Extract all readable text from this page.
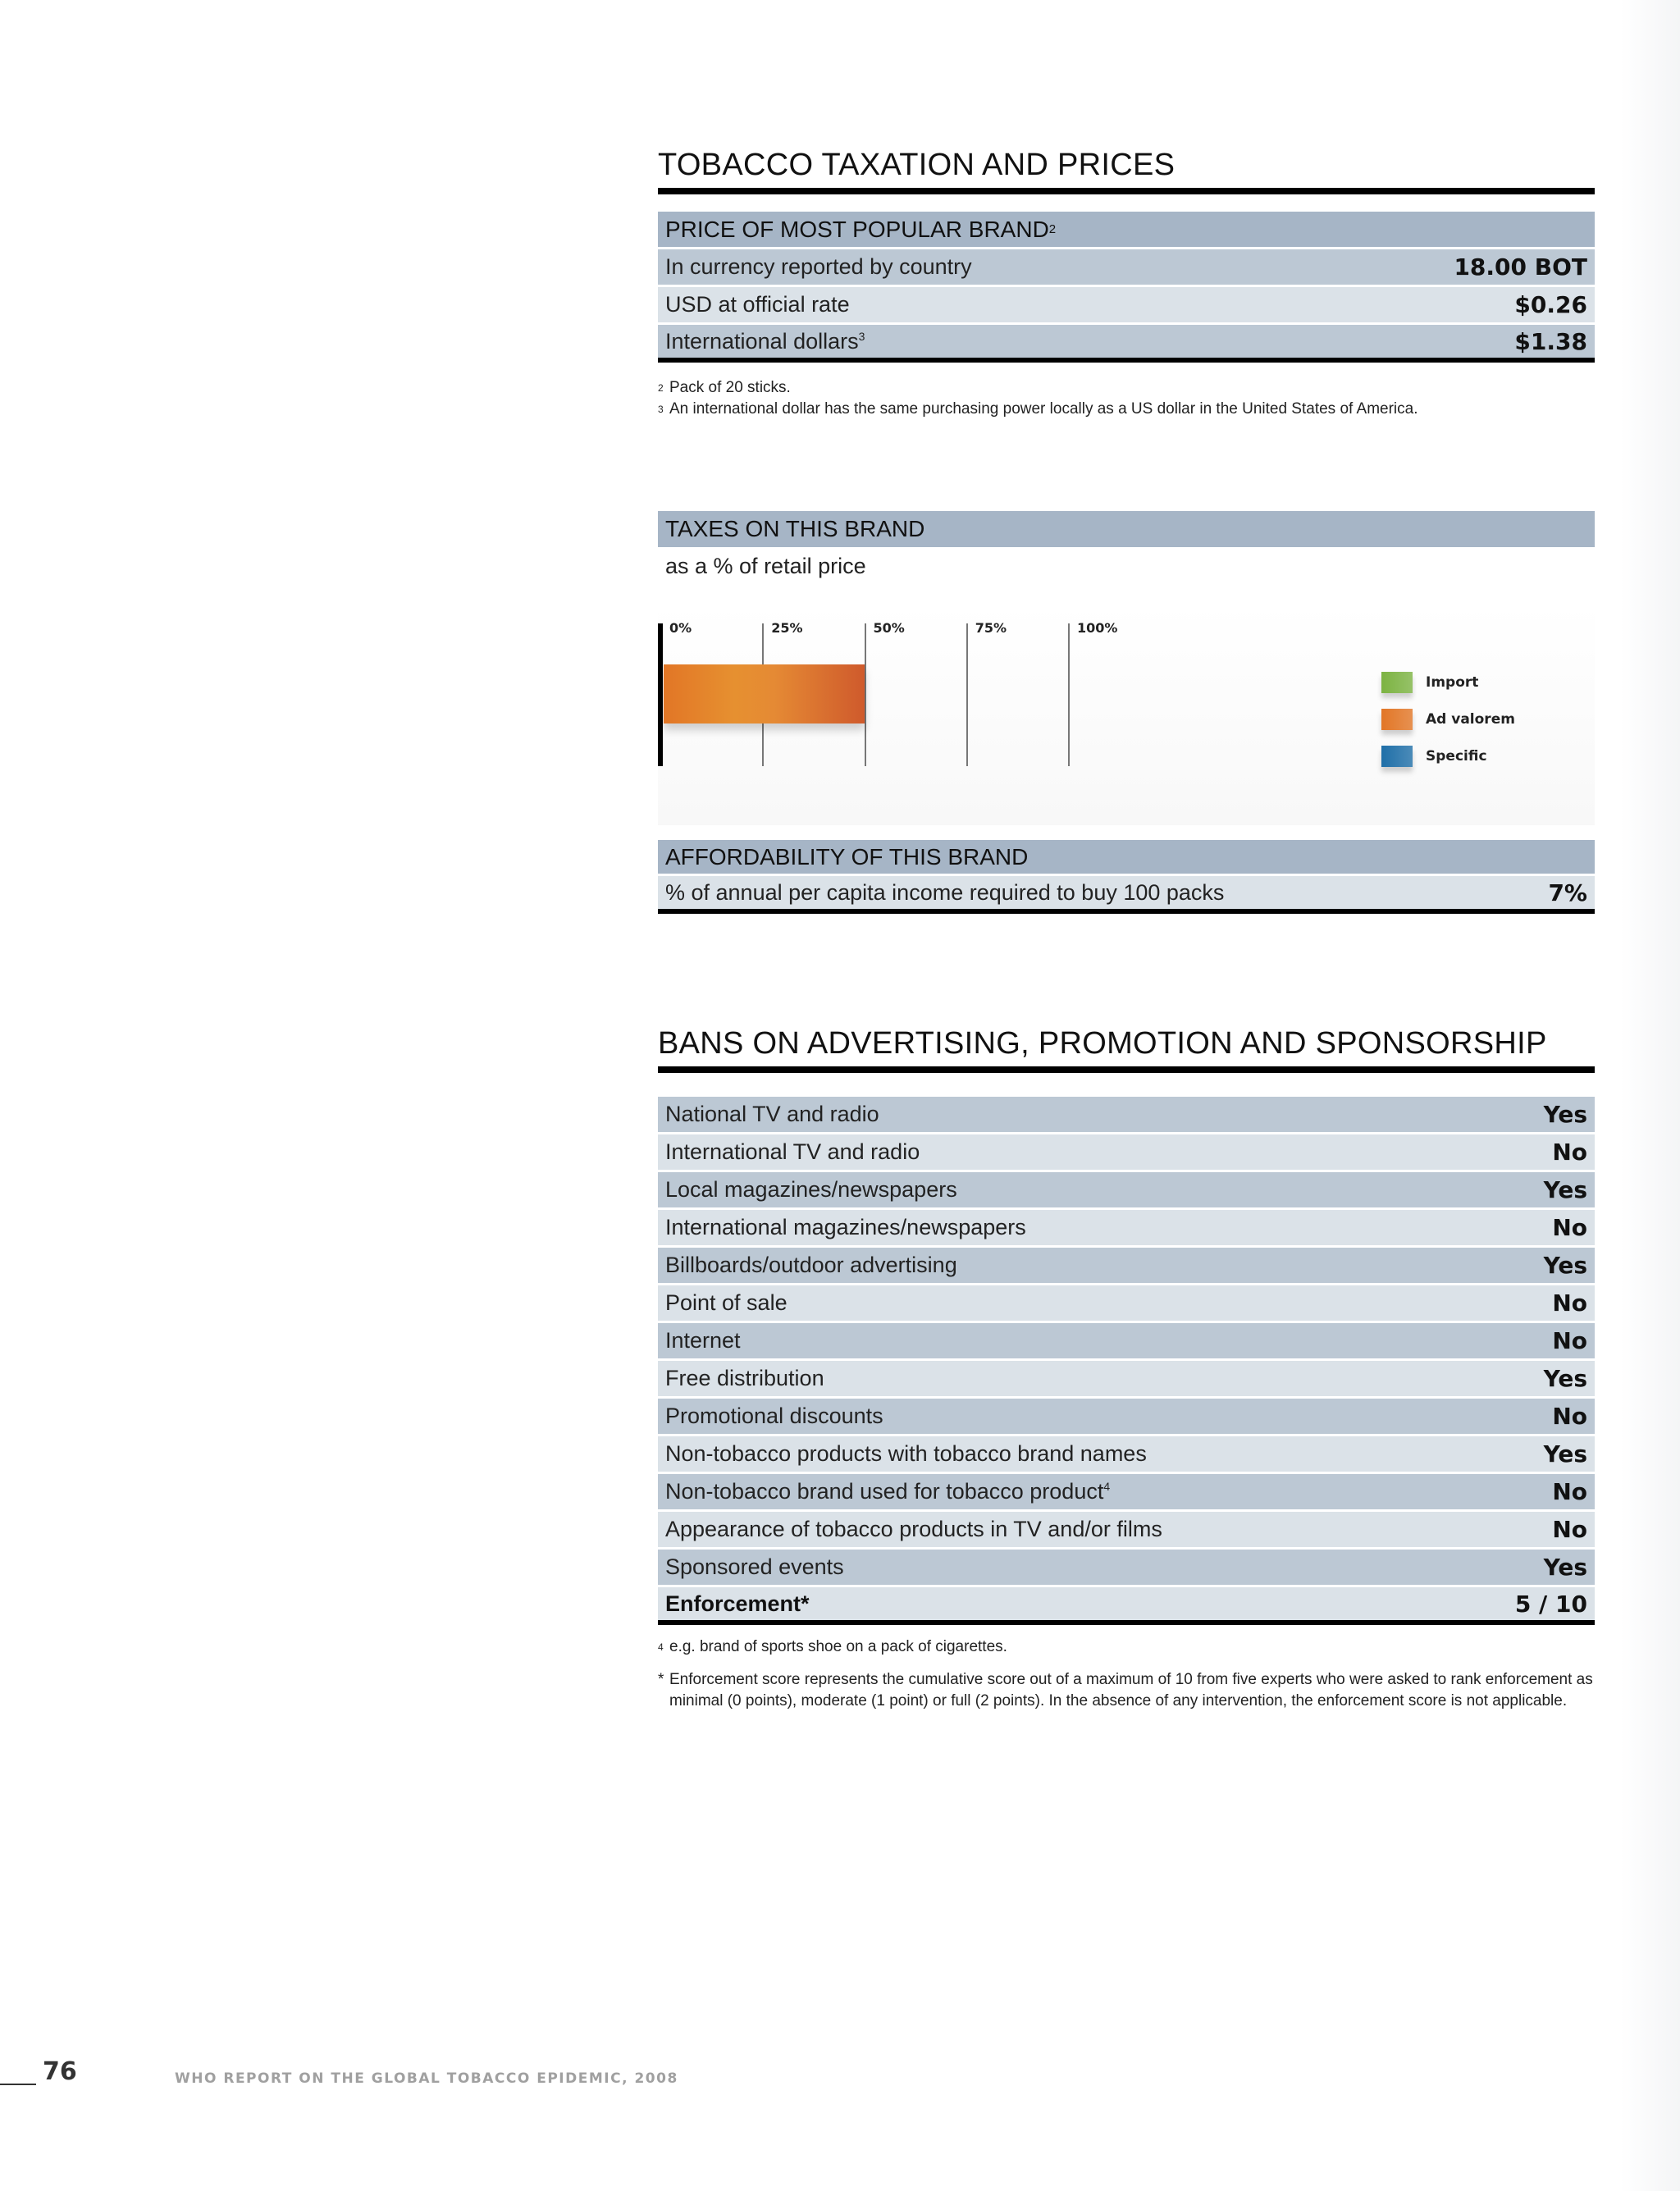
TOBACCO TAXATION AND PRICES
PRICE OF MOST POPULAR BRAND 2
In currency reported by country	18.00 BOT
USD at official rate	$0.26
International dollars$^3$	$1.38
2 Pack of 20 sticks.
3 An international dollar has the same purchasing power locally as a US dollar in the United States of America.
TAXES ON THIS BRAND
as a % of retail price
0%	25%	50%	75%	100%
Import
Ad valorem
Specific
AFFORDABILITY OF THIS BRAND
% of annual per capita income required to buy 100 packs	7%
BANS ON ADVERTISING, PROMOTION AND SPONSORSHIP
National TV and radio	Yes
International TV and radio	No
Local magazines/newspapers	Yes
International magazines/newspapers	No
Billboards/outdoor advertising	Yes
Point of sale	No
Internet	No
Free distribution	Yes
Promotional discounts	No
Non-tobacco products with tobacco brand names	Yes
Non-tobacco brand used for tobacco product$^4$	No
Appearance of tobacco products in TV and/or films	No
Sponsored events	Yes
Enforcement*	5 / 10
4 e.g. brand of sports shoe on a pack of cigarettes.
* Enforcement score represents the cumulative score out of a maximum of 10 from five experts who were asked to rank enforcement as minimal (0 points), moderate (1 point) or full (2 points). In the absence of any intervention, the enforcement score is not applicable.
76	WHO REPORT ON THE GLOBAL TOBACCO EPIDEMIC, 2008
